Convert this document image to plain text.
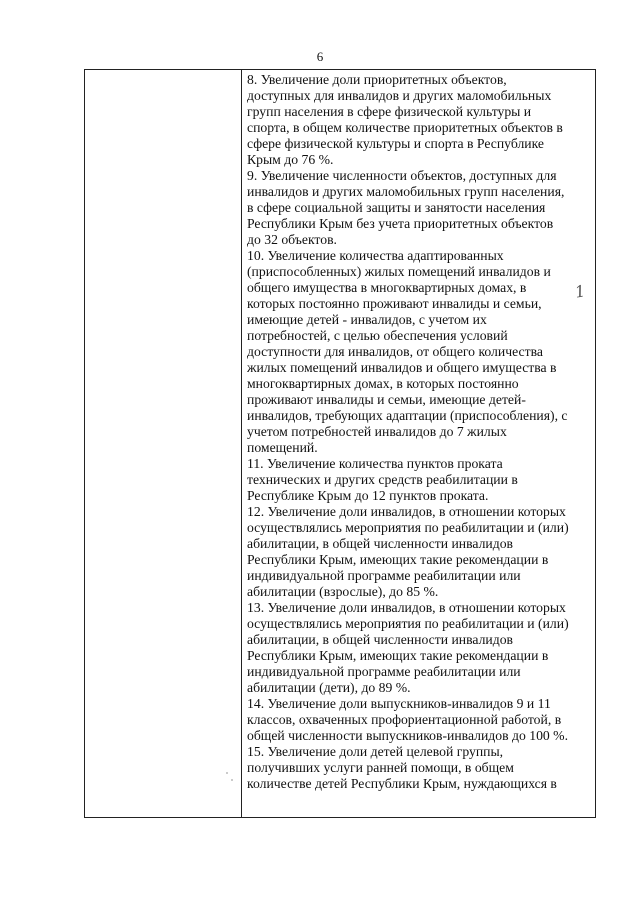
6

8. Увеличение доли приоритетных объектов,
доступных для инвалидов и других маломобильных
групп населения в сфере физической культуры и
спорта, в общем количестве приоритетных объектов в
сфере физической культуры и спорта в Республике
Крым до 76 %.

9. Увеличение численности объектов, доступных для
инвалидов и других маломобильных групп населения,
в сфере социальной защиты и занятости населения
Республики Крым без учета приоритетных объектов
до 32 объектов.

10. Увеличение количества адаптированных
(приспособленных) жилых помещений инвалидов и
общего имущества в многоквартирных домах, в
которых постоянно проживают инвалиды и семьи,
имеющие детей - инвалидов, с учетом их
потребностей, с целью обеспечения условий
доступности для инвалидов, от общего количества
жилых помещений инвалидов и общего имущества в
многоквартирных домах, в которых постоянно
проживают инвалиды и семьи, имеющие детей-
инвалидов, требующих адаптации (приспособления), с
учетом потребностей инвалидов до 7 жилых
помещений.

11. Увеличение количества пунктов проката
технических и других средств реабилитации в
Республике Крым до 12 пунктов проката.

12. Увеличение доли инвалидов, в отношении которых
осуществлялись мероприятия по реабилитации и (или)
абилитации, в общей численности инвалидов
Республики Крым, имеющих такие рекомендации в
индивидуальной программе реабилитации или
абилитации (взрослые), до 85 %.

13. Увеличение доли инвалидов, в отношении которых
осуществлялись мероприятия по реабилитации и (или)
абилитации, в общей численности инвалидов
Республики Крым, имеющих такие рекомендации в
индивидуальной программе реабилитации или
абилитации (дети), до 89 %.

14. Увеличение доли выпускников-инвалидов 9 и 11
классов, охваченных профориентационной работой, в
общей численности выпускников-инвалидов до 100 %.

15. Увеличение доли детей целевой группы,
получивших услуги ранней помощи, в общем
количестве детей Республики Крым, нуждающихся в

1
